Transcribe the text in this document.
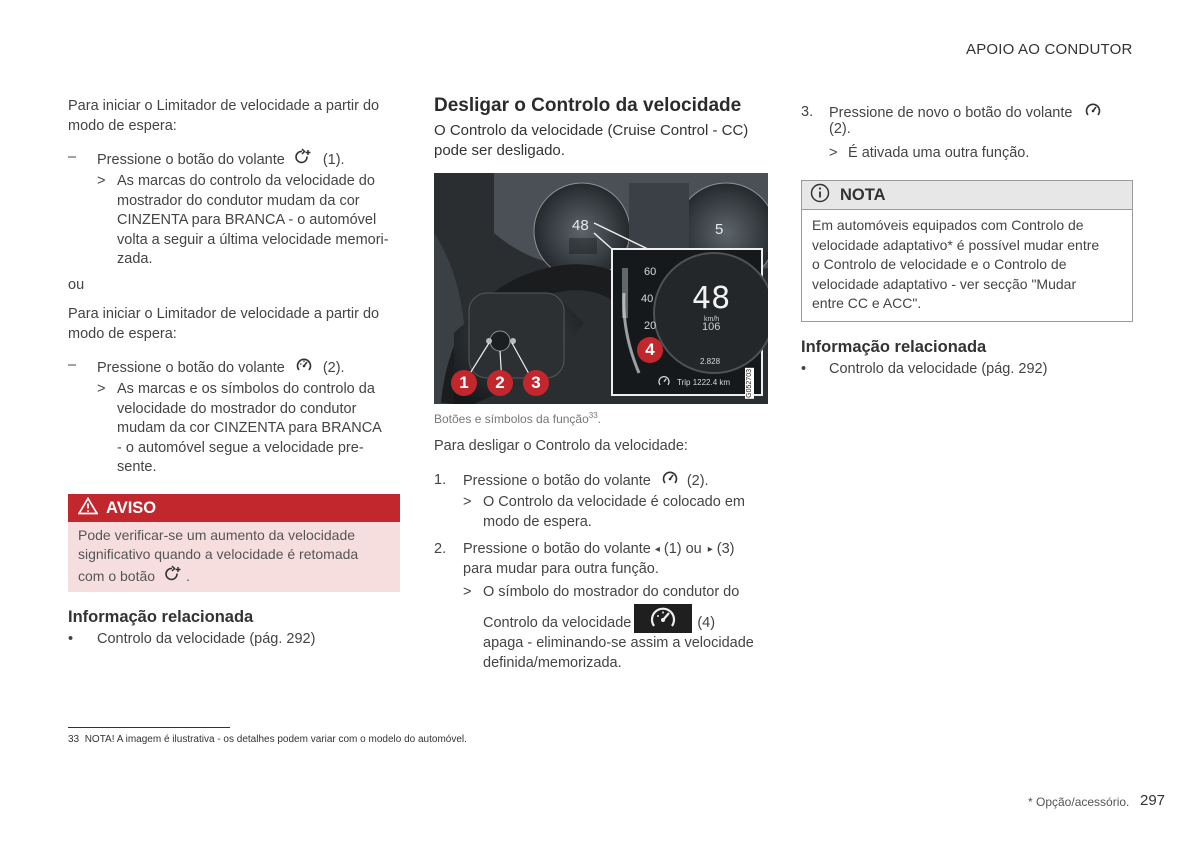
APOIO AO CONDUTOR
Para iniciar o Limitador de velocidade a partir do
modo de espera:
– Pressione o botão do volante	(1).
> As marcas do controlo da velocidade do
mostrador do condutor mudam da cor
CINZENTA para BRANCA - o automóvel
volta a seguir a última velocidade memori-
zada.
ou
Para iniciar o Limitador de velocidade a partir do
modo de espera:
– Pressione o botão do volante	(2).
> As marcas e os símbolos do controlo da
velocidade do mostrador do condutor
mudam da cor CINZENTA para BRANCA
- o automóvel segue a velocidade pre-
sente.
AVISO
Pode verificar-se um aumento da velocidade
significativo quando a velocidade é retomada
com o botão .
Informação relacionada
• Controlo da velocidade (pág. 292)
Desligar o Controlo da velocidade
O Controlo da velocidade (Cruise Control - CC)
pode ser desligado.
48	5
48
km/h
106
60
40
20
2.828
Trip 1222.4 km G052703
1	2	3
4
Botões e símbolos da função$^{33}$.
Para desligar o Controlo da velocidade:
1. Pressione o botão do volante (2).
> O Controlo da velocidade é colocado em
modo de espera.
2. Pressione o botão do volante ◂ (1) ou ▸ (3)
para mudar para outra função.
> O símbolo do mostrador do condutor do
Controlo da velocidade	(4)
apaga - eliminando-se assim a velocidade
definida/memorizada.
3. Pressione de novo o botão do volante
(2).
> É ativada uma outra função.
NOTA
Em automóveis equipados com Controlo de
velocidade adaptativo* é possível mudar entre
o Controlo de velocidade e o Controlo de
velocidade adaptativo - ver secção "Mudar
entre CC e ACC".
Informação relacionada
• Controlo da velocidade (pág. 292)
33 NOTA! A imagem é ilustrativa - os detalhes podem variar com o modelo do automóvel.
* Opção/acessório. 297
